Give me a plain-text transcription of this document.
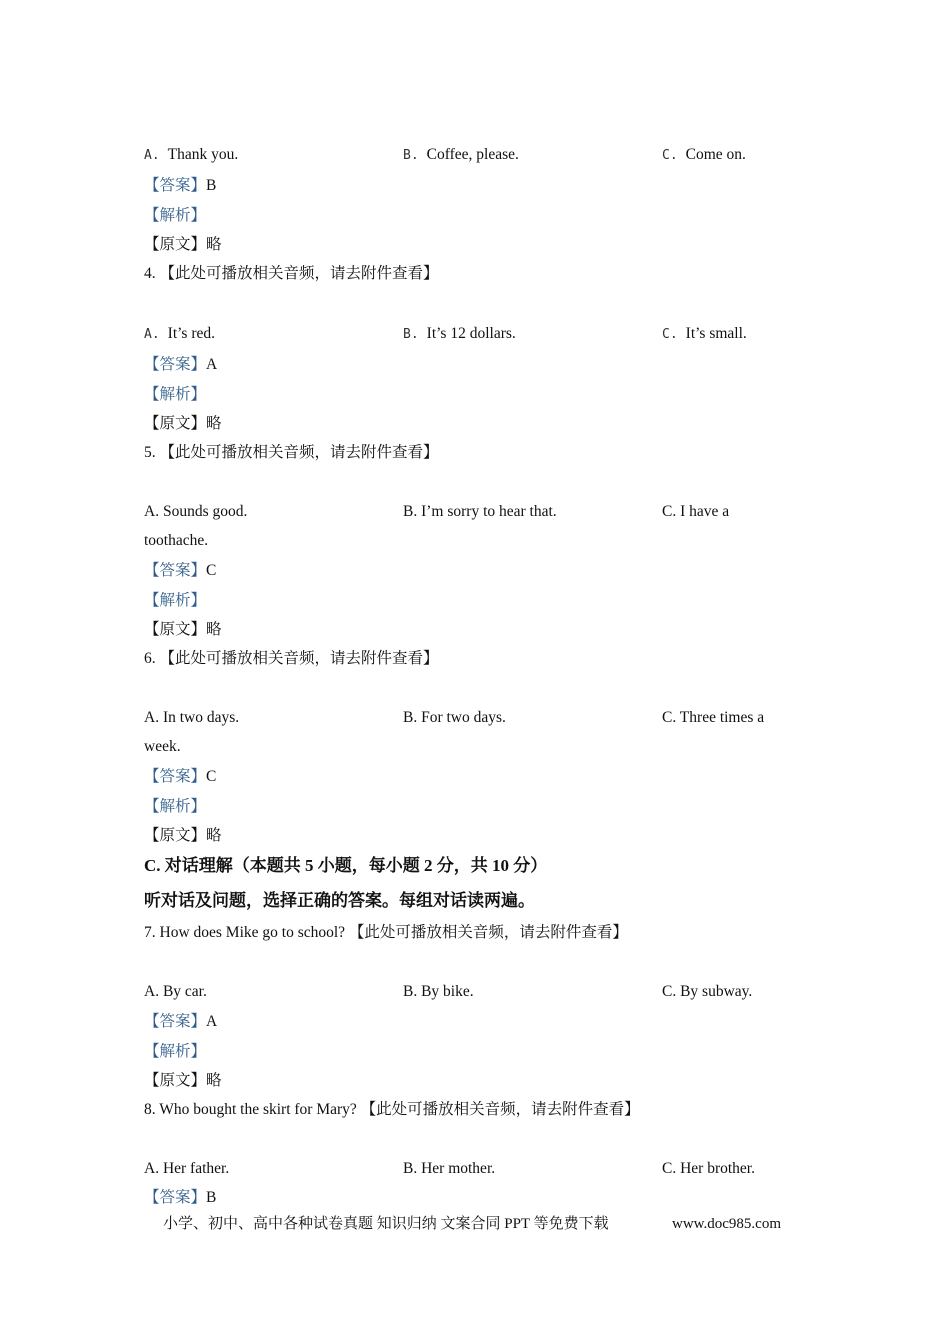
A. Thank you.	B. Coffee, please.	C. Come on.
【答案】B
【解析】
【原文】略
4. 【此处可播放相关音频，请去附件查看】
A. It’s red.	B. It’s 12 dollars.	C. It’s small.
【答案】A
【解析】
【原文】略
5. 【此处可播放相关音频，请去附件查看】
A. Sounds good.	B. I’m sorry to hear that.	C. I have a
toothache.
【答案】C
【解析】
【原文】略
6. 【此处可播放相关音频，请去附件查看】
A. In two days.	B. For two days.	C. Three times a
week.
【答案】C
【解析】
【原文】略
C. 对话理解（本题共 5 小题，每小题 2 分，共 10 分）
听对话及问题，选择正确的答案。每组对话读两遍。
7. How does Mike go to school? 【此处可播放相关音频，请去附件查看】
A. By car.	B. By bike.	C. By subway.
【答案】A
【解析】
【原文】略
8. Who bought the skirt for Mary? 【此处可播放相关音频，请去附件查看】
A. Her father.	B. Her mother.	C. Her brother.
【答案】B
小学、初中、高中各种试卷真题 知识归纳 文案合同 PPT 等免费下载	www.doc985.com
